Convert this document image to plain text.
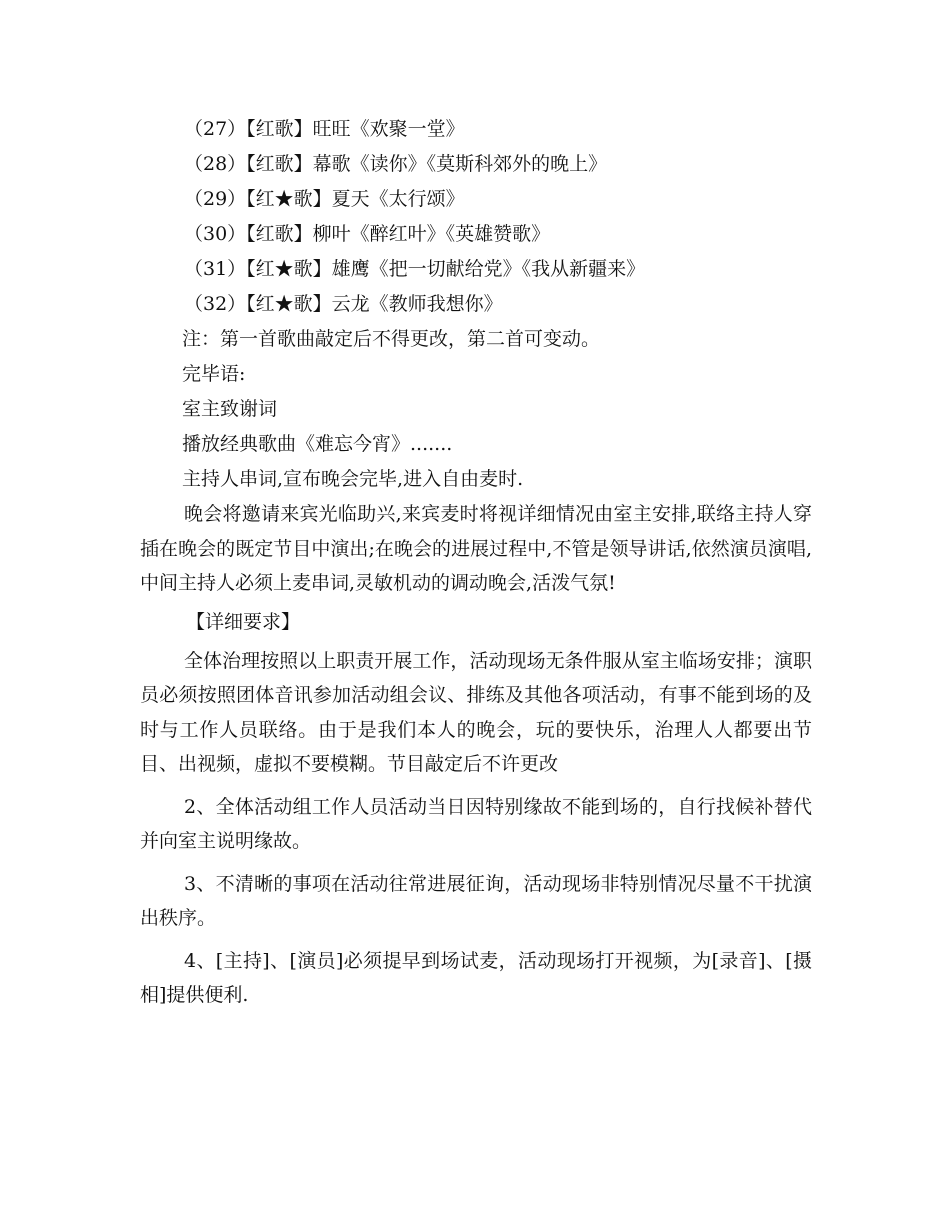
（27）【红歌】旺旺《欢聚一堂》
（28）【红歌】幕歌《读你》《莫斯科郊外的晚上》
（29）【红★歌】夏天《太行颂》
（30）【红歌】柳叶《醉红叶》《英雄赞歌》
（31）【红★歌】雄鹰《把一切献给党》《我从新疆来》
（32）【红★歌】云龙《教师我想你》
注：第一首歌曲敲定后不得更改，第二首可变动。
完毕语:
室主致谢词
播放经典歌曲《难忘今宵》.......
主持人串词,宣布晚会完毕,进入自由麦时.
晚会将邀请来宾光临助兴,来宾麦时将视详细情况由室主安排,联络主持人穿插在晚会的既定节目中演出;在晚会的进展过程中,不管是领导讲话,依然演员演唱,中间主持人必须上麦串词,灵敏机动的调动晚会,活泼气氛!
【详细要求】
全体治理按照以上职责开展工作，活动现场无条件服从室主临场安排；演职员必须按照团体音讯参加活动组会议、排练及其他各项活动，有事不能到场的及时与工作人员联络。由于是我们本人的晚会，玩的要快乐，治理人人都要出节目、出视频，虚拟不要模糊。节目敲定后不许更改
2、全体活动组工作人员活动当日因特别缘故不能到场的，自行找候补替代并向室主说明缘故。
3、不清晰的事项在活动往常进展征询，活动现场非特别情况尽量不干扰演出秩序。
4、[主持]、[演员]必须提早到场试麦，活动现场打开视频，为[录音]、[摄相]提供便利.
